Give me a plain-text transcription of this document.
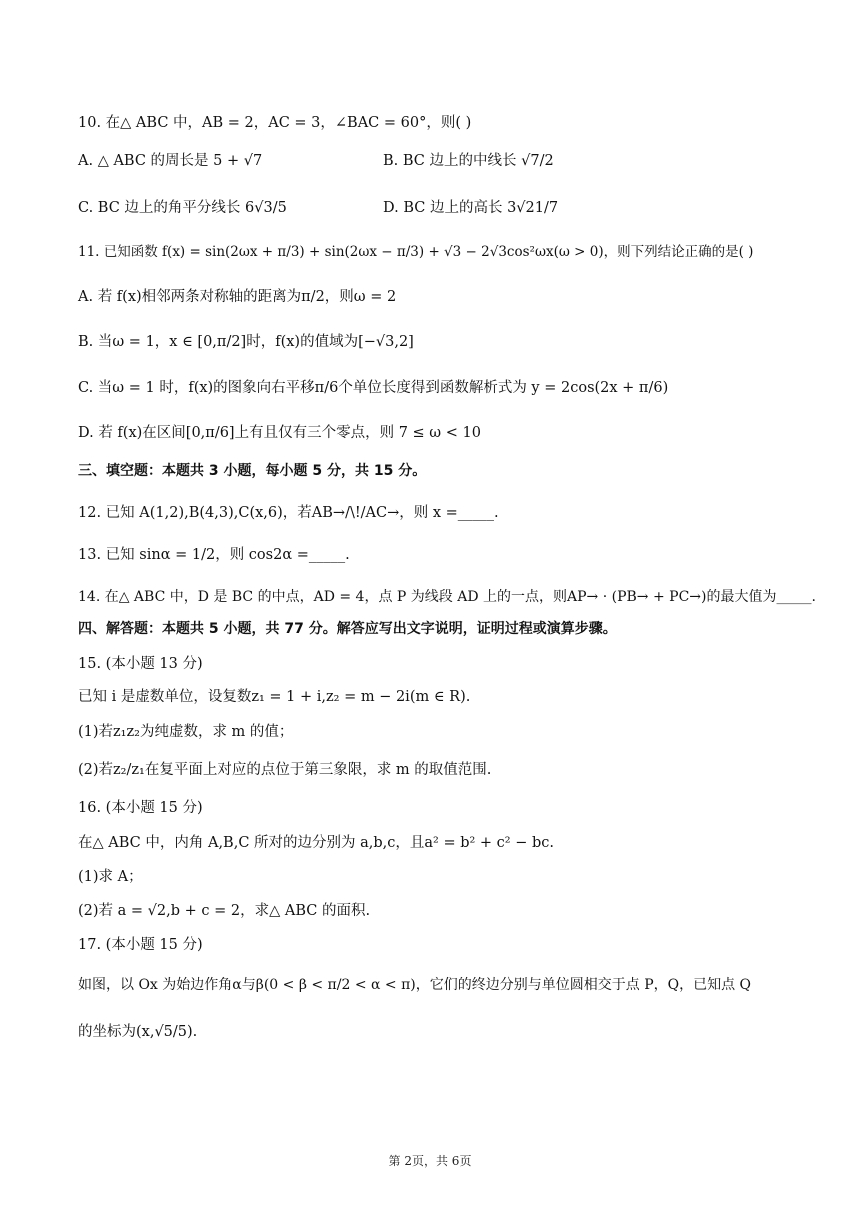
10. 在△ ABC 中，AB = 2，AC = 3，∠BAC = 60°，则( )
A. △ ABC 的周长是 5 + √7	B. BC 边上的中线长 √7/2
C. BC 边上的角平分线长 6√3/5	D. BC 边上的高长 3√21/7
11. 已知函数 f(x) = sin(2ωx + π/3) + sin(2ωx − π/3) + √3 − 2√3cos²ωx(ω > 0)，则下列结论正确的是( )
A. 若 f(x)相邻两条对称轴的距离为π/2，则ω = 2
B. 当ω = 1，x ∈ [0,π/2]时，f(x)的值域为[−√3,2]
C. 当ω = 1 时，f(x)的图象向右平移π/6个单位长度得到函数解析式为 y = 2cos(2x + π/6)
D. 若 f(x)在区间[0,π/6]上有且仅有三个零点，则 7 ≤ ω < 10
三、填空题：本题共 3 小题，每小题 5 分，共 15 分。
12. 已知 A(1,2),B(4,3),C(x,6)，若AB→/\!/AC→，则 x =_____.
13. 已知 sinα = 1/2，则 cos2α =_____.
14. 在△ ABC 中，D 是 BC 的中点，AD = 4，点 P 为线段 AD 上的一点，则AP→ · (PB→ + PC→)的最大值为_____.
四、解答题：本题共 5 小题，共 77 分。解答应写出文字说明，证明过程或演算步骤。
15. (本小题 13 分)
已知 i 是虚数单位，设复数z₁ = 1 + i,z₂ = m − 2i(m ∈ R).
(1)若z₁z₂为纯虚数，求 m 的值；
(2)若z₂/z₁在复平面上对应的点位于第三象限，求 m 的取值范围.
16. (本小题 15 分)
在△ ABC 中，内角 A,B,C 所对的边分别为 a,b,c，且a² = b² + c² − bc.
(1)求 A；
(2)若 a = √2,b + c = 2，求△ ABC 的面积.
17. (本小题 15 分)
如图，以 Ox 为始边作角α与β(0 < β < π/2 < α < π)，它们的终边分别与单位圆相交于点 P，Q，已知点 Q
的坐标为(x,√5/5).
第 2页，共 6页
